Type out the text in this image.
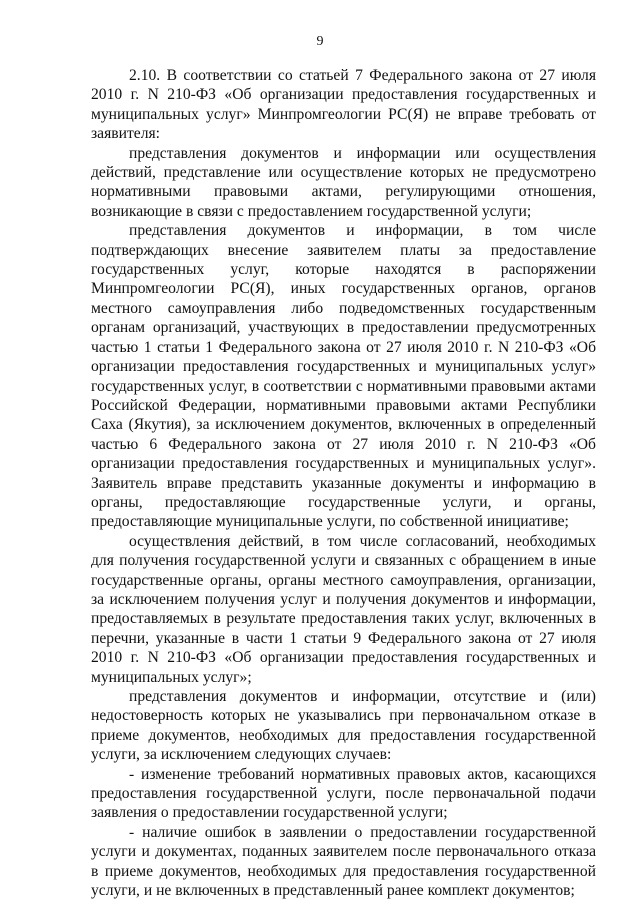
9

2.10. В соответствии со статьей 7 Федерального закона от 27 июля 2010 г. N 210-ФЗ «Об организации предоставления государственных и муниципальных услуг» Минпромгеологии РС(Я) не вправе требовать от заявителя:

представления документов и информации или осуществления действий, представление или осуществление которых не предусмотрено нормативными правовыми актами, регулирующими отношения, возникающие в связи с предоставлением государственной услуги;

представления документов и информации, в том числе подтверждающих внесение заявителем платы за предоставление государственных услуг, которые находятся в распоряжении Минпромгеологии РС(Я), иных государственных органов, органов местного самоуправления либо подведомственных государственным органам организаций, участвующих в предоставлении предусмотренных частью 1 статьи 1 Федерального закона от 27 июля 2010 г. N 210-ФЗ «Об организации предоставления государственных и муниципальных услуг» государственных услуг, в соответствии с нормативными правовыми актами Российской Федерации, нормативными правовыми актами Республики Саха (Якутия), за исключением документов, включенных в определенный частью 6 Федерального закона от 27 июля 2010 г. N 210-ФЗ «Об организации предоставления государственных и муниципальных услуг». Заявитель вправе представить указанные документы и информацию в органы, предоставляющие государственные услуги, и органы, предоставляющие муниципальные услуги, по собственной инициативе;

осуществления действий, в том числе согласований, необходимых для получения государственной услуги и связанных с обращением в иные государственные органы, органы местного самоуправления, организации, за исключением получения услуг и получения документов и информации, предоставляемых в результате предоставления таких услуг, включенных в перечни, указанные в части 1 статьи 9 Федерального закона от 27 июля 2010 г. N 210-ФЗ «Об организации предоставления государственных и муниципальных услуг»;

представления документов и информации, отсутствие и (или) недостоверность которых не указывались при первоначальном отказе в приеме документов, необходимых для предоставления государственной услуги, за исключением следующих случаев:

- изменение требований нормативных правовых актов, касающихся предоставления государственной услуги, после первоначальной подачи заявления о предоставлении государственной услуги;

- наличие ошибок в заявлении о предоставлении государственной услуги и документах, поданных заявителем после первоначального отказа в приеме документов, необходимых для предоставления государственной услуги, и не включенных в представленный ранее комплект документов;
